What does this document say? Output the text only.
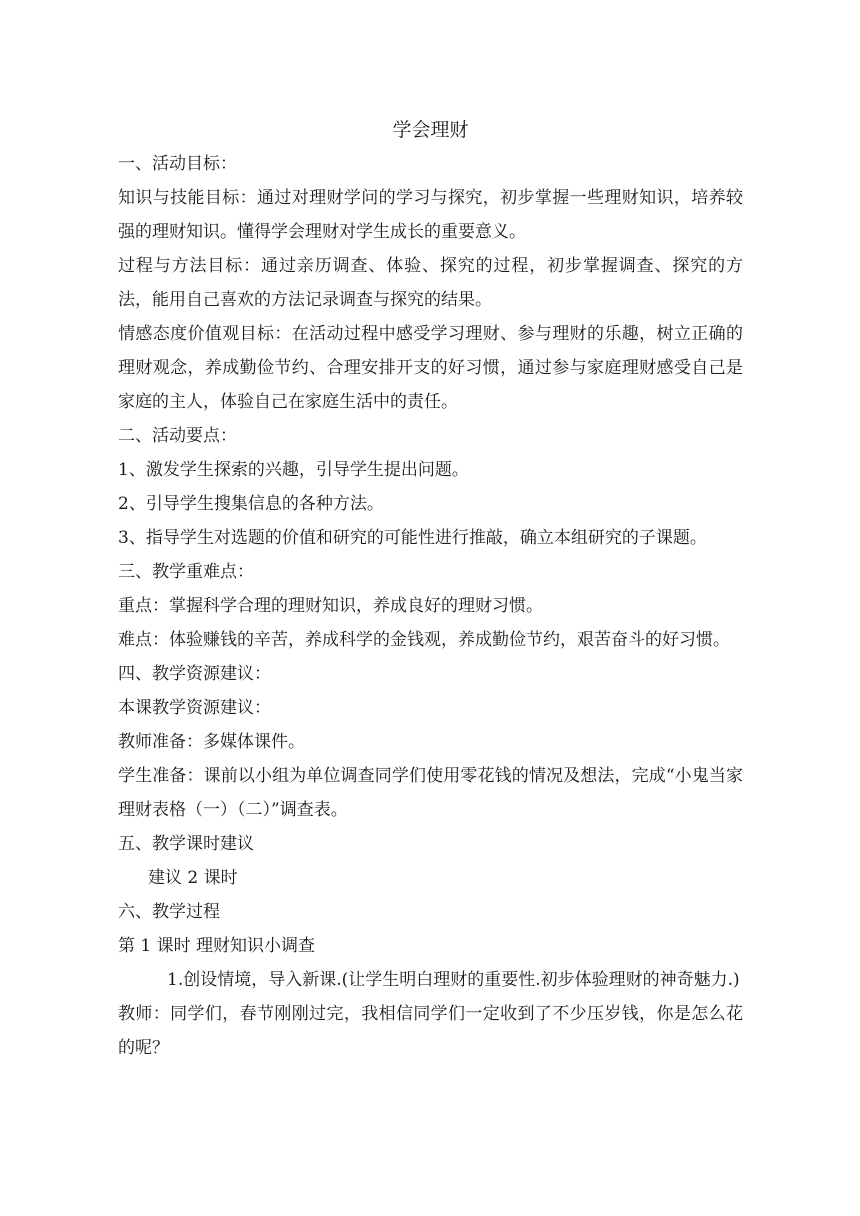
学会理财

一、活动目标：

知识与技能目标：通过对理财学问的学习与探究，初步掌握一些理财知识，培养较强的理财知识。懂得学会理财对学生成长的重要意义。

过程与方法目标：通过亲历调查、体验、探究的过程，初步掌握调查、探究的方法，能用自己喜欢的方法记录调查与探究的结果。

情感态度价值观目标：在活动过程中感受学习理财、参与理财的乐趣，树立正确的理财观念，养成勤俭节约、合理安排开支的好习惯，通过参与家庭理财感受自己是家庭的主人，体验自己在家庭生活中的责任。

二、活动要点：

1、激发学生探索的兴趣，引导学生提出问题。

2、引导学生搜集信息的各种方法。

3、指导学生对选题的价值和研究的可能性进行推敲，确立本组研究的子课题。

三、教学重难点：

重点：掌握科学合理的理财知识，养成良好的理财习惯。

难点：体验赚钱的辛苦，养成科学的金钱观，养成勤俭节约，艰苦奋斗的好习惯。

四、教学资源建议：

本课教学资源建议：

教师准备：多媒体课件。

学生准备：课前以小组为单位调查同学们使用零花钱的情况及想法，完成“小鬼当家 理财表格（一）（二）”调查表。

五、教学课时建议

建议 2 课时

六、教学过程

第 1 课时 理财知识小调查

1.创设情境，导入新课.(让学生明白理财的重要性.初步体验理财的神奇魅力.)

教师：同学们，春节刚刚过完，我相信同学们一定收到了不少压岁钱，你是怎么花的呢？
